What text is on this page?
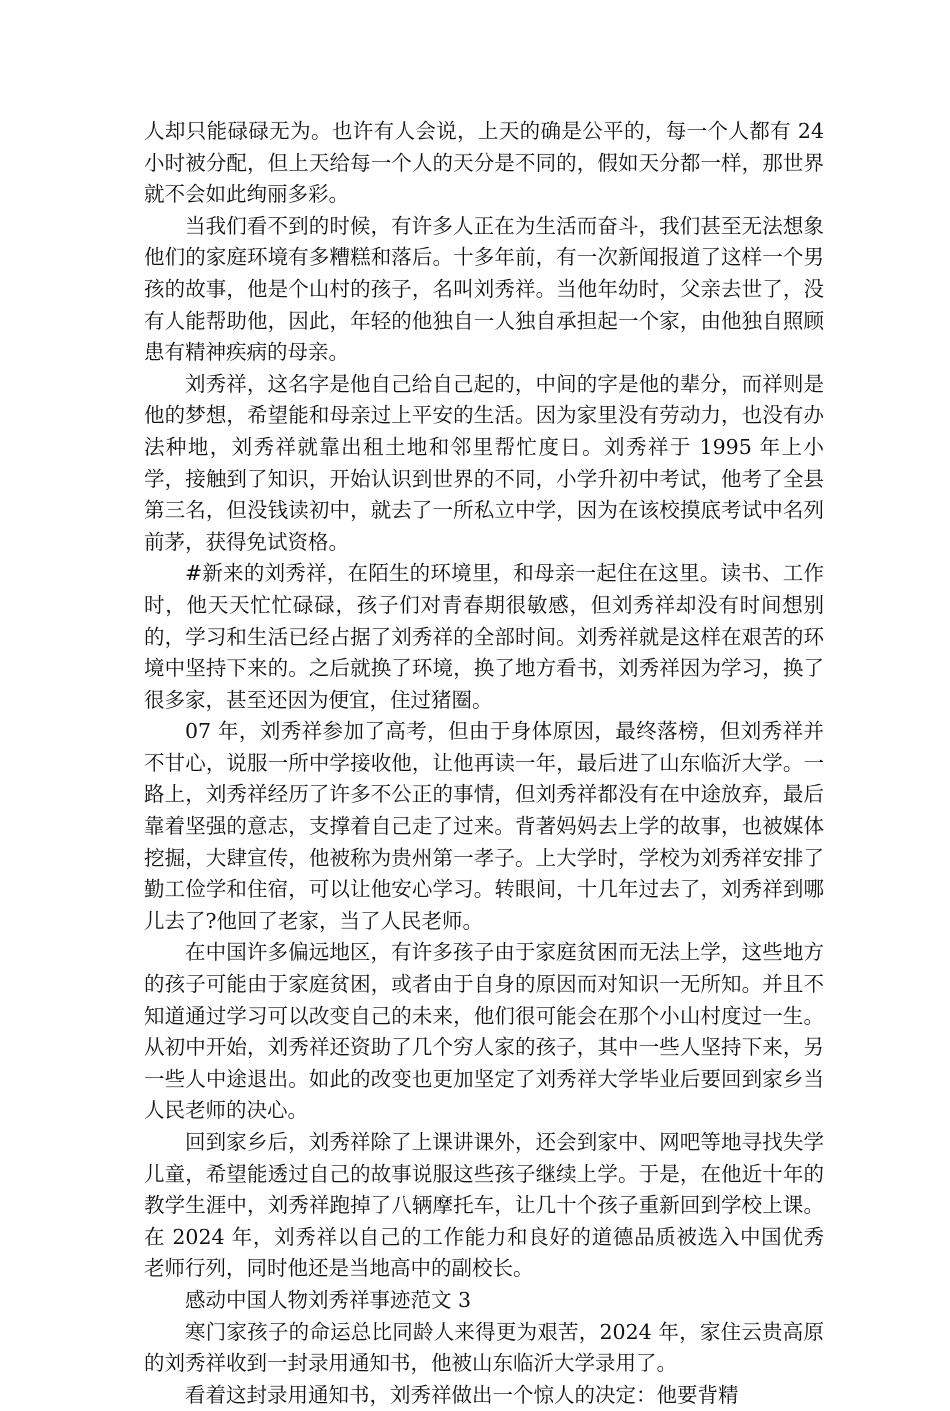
人却只能碌碌无为。也许有人会说，上天的确是公平的，每一个人都有 24 小时被分配，但上天给每一个人的天分是不同的，假如天分都一样，那世界就不会如此绚丽多彩。

当我们看不到的时候，有许多人正在为生活而奋斗，我们甚至无法想象他们的家庭环境有多糟糕和落后。十多年前，有一次新闻报道了这样一个男孩的故事，他是个山村的孩子，名叫刘秀祥。当他年幼时，父亲去世了，没有人能帮助他，因此，年轻的他独自一人独自承担起一个家，由他独自照顾患有精神疾病的母亲。

刘秀祥，这名字是他自己给自己起的，中间的字是他的辈分，而祥则是他的梦想，希望能和母亲过上平安的生活。因为家里没有劳动力，也没有办法种地，刘秀祥就靠出租土地和邻里帮忙度日。刘秀祥于 1995 年上小学，接触到了知识，开始认识到世界的不同，小学升初中考试，他考了全县第三名，但没钱读初中，就去了一所私立中学，因为在该校摸底考试中名列前茅，获得免试资格。

#新来的刘秀祥，在陌生的环境里，和母亲一起住在这里。读书、工作时，他天天忙忙碌碌，孩子们对青春期很敏感，但刘秀祥却没有时间想别的，学习和生活已经占据了刘秀祥的全部时间。刘秀祥就是这样在艰苦的环境中坚持下来的。之后就换了环境，换了地方看书，刘秀祥因为学习，换了很多家，甚至还因为便宜，住过猪圈。

07 年，刘秀祥参加了高考，但由于身体原因，最终落榜，但刘秀祥并不甘心，说服一所中学接收他，让他再读一年，最后进了山东临沂大学。一路上，刘秀祥经历了许多不公正的事情，但刘秀祥都没有在中途放弃，最后靠着坚强的意志，支撑着自己走了过来。背著妈妈去上学的故事，也被媒体挖掘，大肆宣传，他被称为贵州第一孝子。上大学时，学校为刘秀祥安排了勤工俭学和住宿，可以让他安心学习。转眼间，十几年过去了，刘秀祥到哪儿去了?他回了老家，当了人民老师。

在中国许多偏远地区，有许多孩子由于家庭贫困而无法上学，这些地方的孩子可能由于家庭贫困，或者由于自身的原因而对知识一无所知。并且不知道通过学习可以改变自己的未来，他们很可能会在那个小山村度过一生。从初中开始，刘秀祥还资助了几个穷人家的孩子，其中一些人坚持下来，另一些人中途退出。如此的改变也更加坚定了刘秀祥大学毕业后要回到家乡当人民老师的决心。

回到家乡后，刘秀祥除了上课讲课外，还会到家中、网吧等地寻找失学儿童，希望能透过自己的故事说服这些孩子继续上学。于是，在他近十年的教学生涯中，刘秀祥跑掉了八辆摩托车，让几十个孩子重新回到学校上课。在 2024 年，刘秀祥以自己的工作能力和良好的道德品质被选入中国优秀老师行列，同时他还是当地高中的副校长。

感动中国人物刘秀祥事迹范文 3

寒门家孩子的命运总比同龄人来得更为艰苦，2024 年，家住云贵高原的刘秀祥收到一封录用通知书，他被山东临沂大学录用了。

看着这封录用通知书，刘秀祥做出一个惊人的决定：他要背精
